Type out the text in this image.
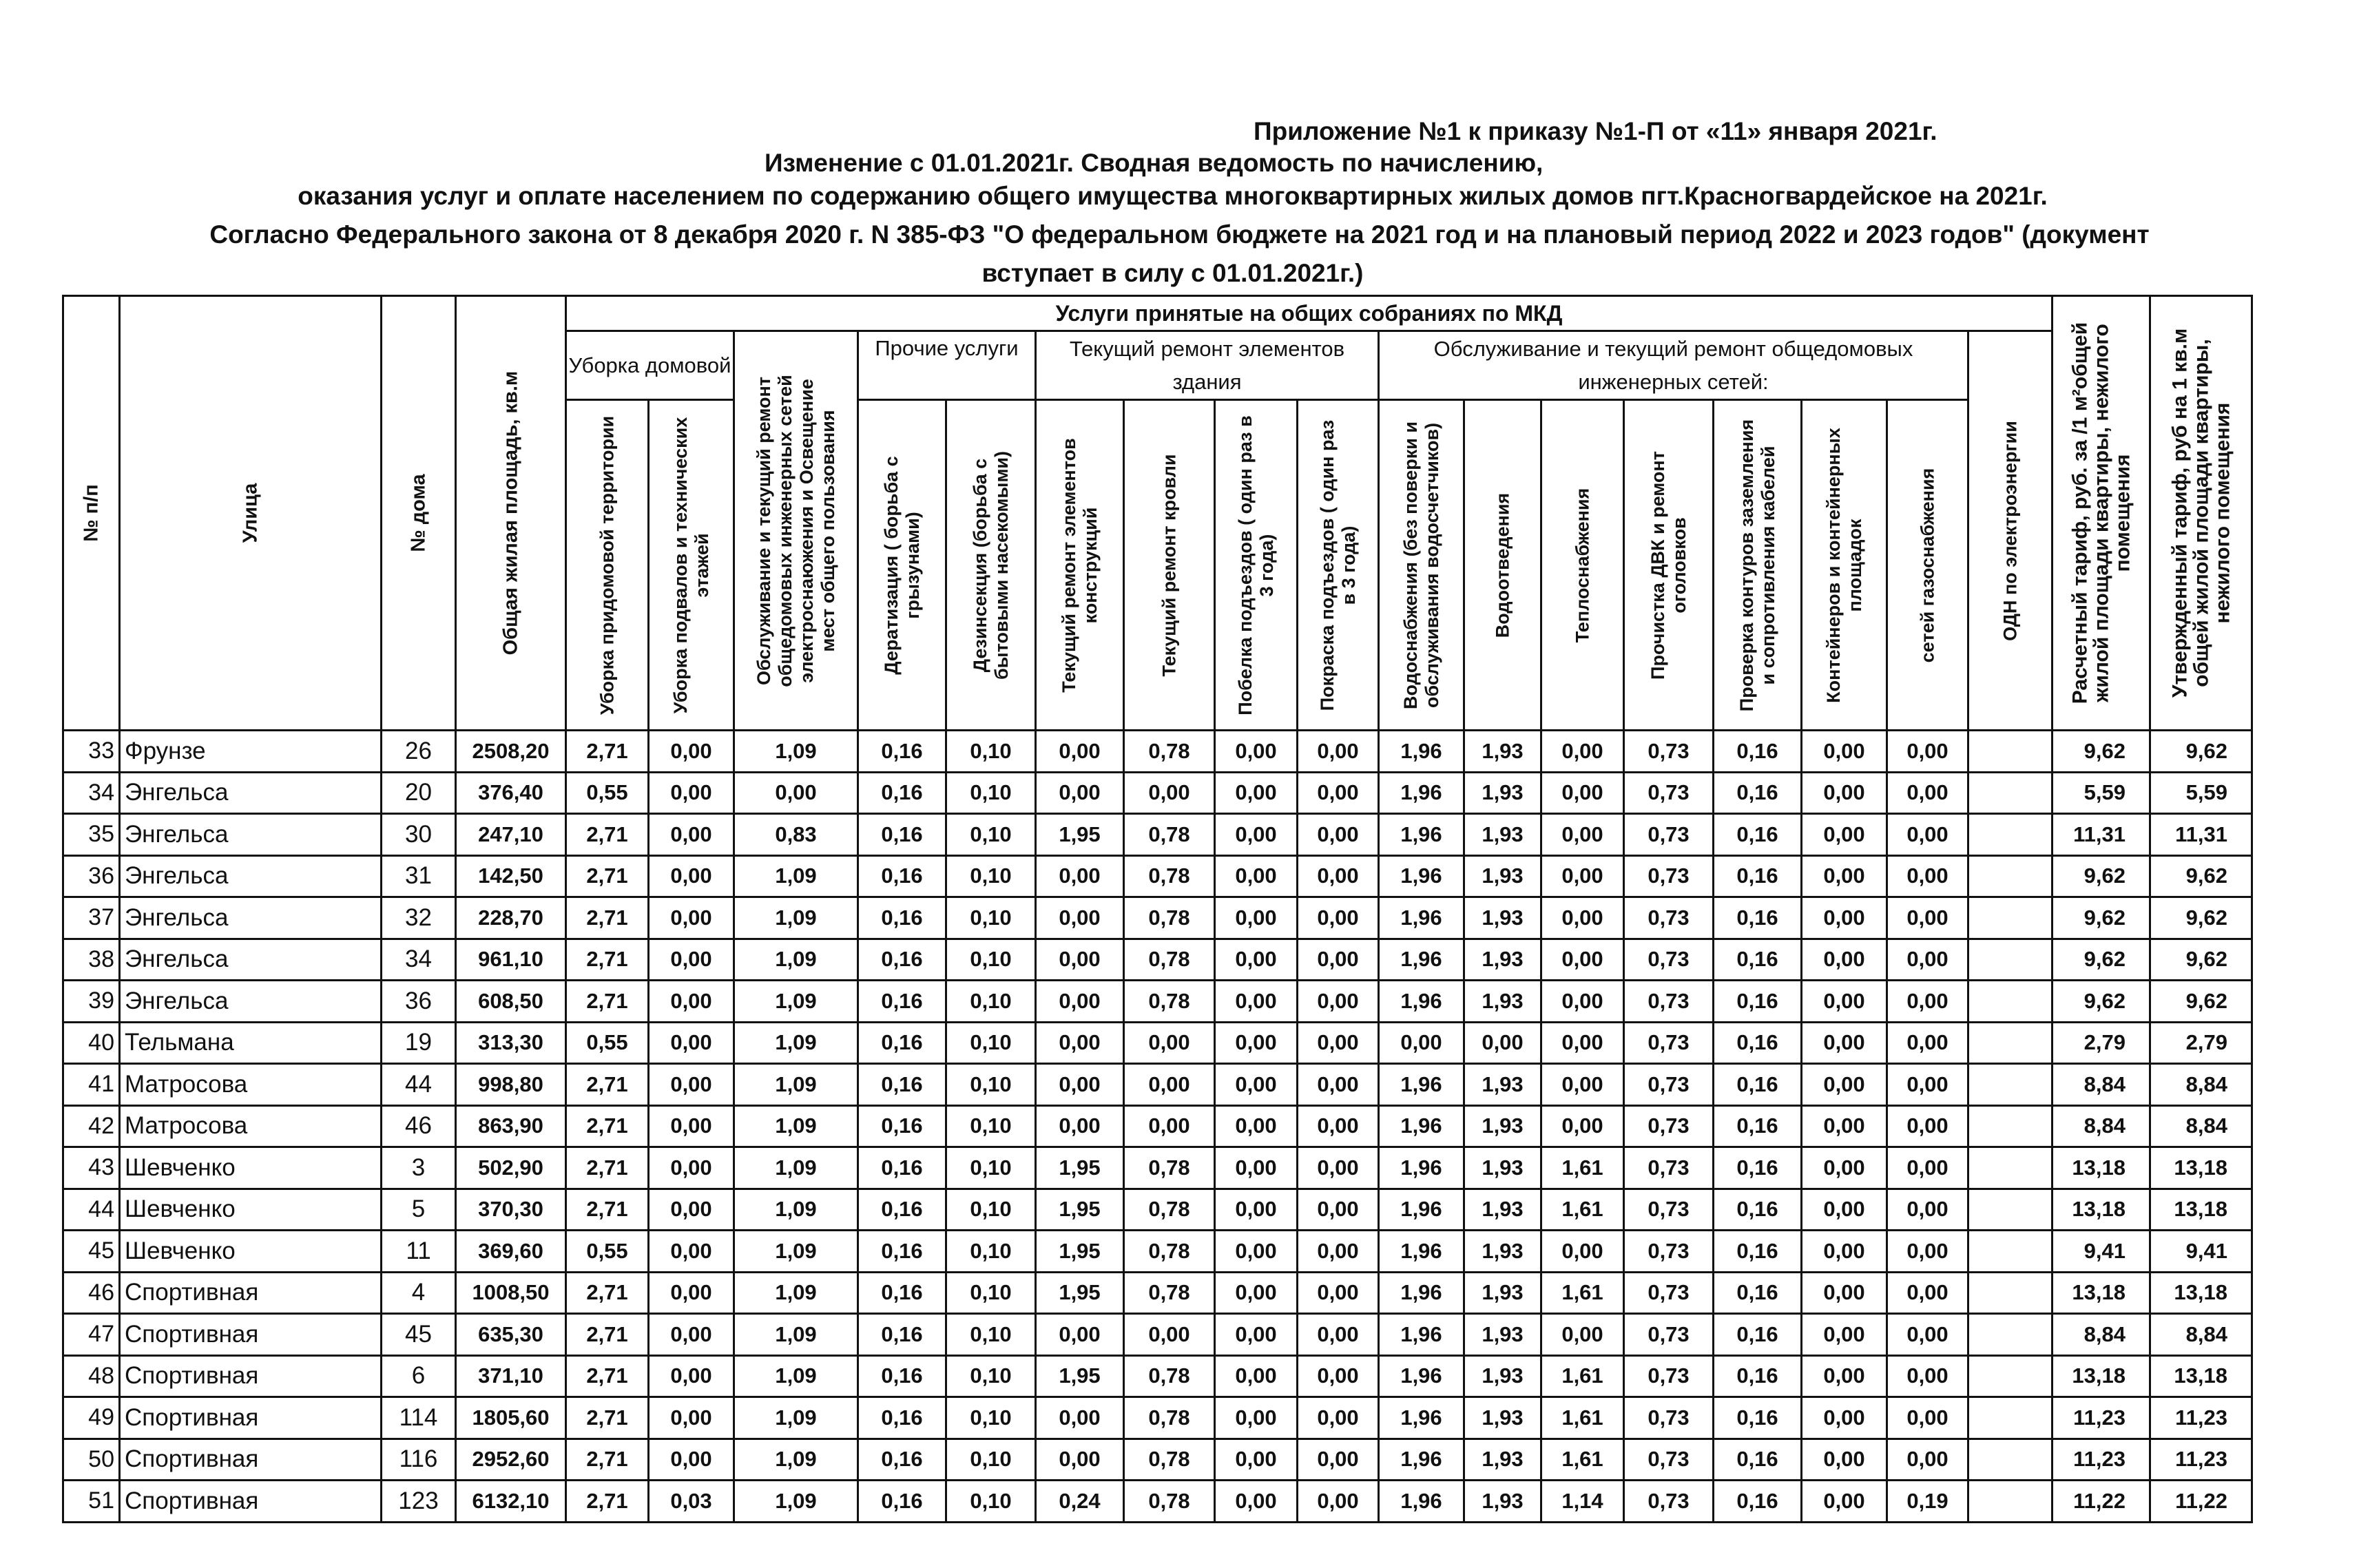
Приложение №1 к приказу №1-П от «11» января 2021г.
Изменение с 01.01.2021г. Сводная ведомость по начислению,
оказания услуг и оплате населением по содержанию общего имущества многоквартирных жилых домов пгт.Красногвардейское на 2021г.
Согласно Федерального закона от 8 декабря 2020 г. N 385-ФЗ "О федеральном бюджете на 2021 год и на плановый период 2022 и 2023 годов" (документ
вступает в силу с 01.01.2021г.)
№ п/п	Улица	№ дома	Общая жилая площадь, кв.м	Услуги принятые на общих собраниях по МКД																	Расчетный тариф, руб. за /1 м²общей жилой площади квартиры, нежилого помещения	Утвержденный тариф, руб на 1 кв.м общей жилой площади квартиры, нежилого помещения

				Уборка домовой		Обслуживание и текущий ремонт общедомовых инженерных сетей электроснаюжения и Освещение мест общего пользования	Прочие услуги		Текущий ремонт элементов здания				Обслуживание и текущий ремонт общедомовых инженерных сетей:							ОДН по электроэнергии		

				Уборка придомовой территории	Уборка подвалов и технических этажей		Дератизация ( борьба с грызунами)	Дезинсекция (борьба с бытовыми насекомыми)	Текущий ремонт элементов конструкций	Текущий ремонт кровли	Побелка подъездов ( один раз в 3 года)	Покраска подъездов ( один раз в 3 года)	Водоснабжения (без поверки и обслуживания водосчетчиков)	Водоотведения	Теплоснабжения	Прочистка ДВК и ремонт оголовков	Проверка контуров заземления и сопротивления кабелей	Контейнеров и контейнерных площадок	сетей газоснабжения			

33	Фрунзе	26	2508,20	2,71	0,00	1,09	0,16	0,10	0,00	0,78	0,00	0,00	1,96	1,93	0,00	0,73	0,16	0,00	0,00		9,62	9,62
34	Энгельса	20	376,40	0,55	0,00	0,00	0,16	0,10	0,00	0,00	0,00	0,00	1,96	1,93	0,00	0,73	0,16	0,00	0,00		5,59	5,59
35	Энгельса	30	247,10	2,71	0,00	0,83	0,16	0,10	1,95	0,78	0,00	0,00	1,96	1,93	0,00	0,73	0,16	0,00	0,00		11,31	11,31
36	Энгельса	31	142,50	2,71	0,00	1,09	0,16	0,10	0,00	0,78	0,00	0,00	1,96	1,93	0,00	0,73	0,16	0,00	0,00		9,62	9,62
37	Энгельса	32	228,70	2,71	0,00	1,09	0,16	0,10	0,00	0,78	0,00	0,00	1,96	1,93	0,00	0,73	0,16	0,00	0,00		9,62	9,62
38	Энгельса	34	961,10	2,71	0,00	1,09	0,16	0,10	0,00	0,78	0,00	0,00	1,96	1,93	0,00	0,73	0,16	0,00	0,00		9,62	9,62
39	Энгельса	36	608,50	2,71	0,00	1,09	0,16	0,10	0,00	0,78	0,00	0,00	1,96	1,93	0,00	0,73	0,16	0,00	0,00		9,62	9,62
40	Тельмана	19	313,30	0,55	0,00	1,09	0,16	0,10	0,00	0,00	0,00	0,00	0,00	0,00	0,00	0,73	0,16	0,00	0,00		2,79	2,79
41	Матросова	44	998,80	2,71	0,00	1,09	0,16	0,10	0,00	0,00	0,00	0,00	1,96	1,93	0,00	0,73	0,16	0,00	0,00		8,84	8,84
42	Матросова	46	863,90	2,71	0,00	1,09	0,16	0,10	0,00	0,00	0,00	0,00	1,96	1,93	0,00	0,73	0,16	0,00	0,00		8,84	8,84
43	Шевченко	3	502,90	2,71	0,00	1,09	0,16	0,10	1,95	0,78	0,00	0,00	1,96	1,93	1,61	0,73	0,16	0,00	0,00		13,18	13,18
44	Шевченко	5	370,30	2,71	0,00	1,09	0,16	0,10	1,95	0,78	0,00	0,00	1,96	1,93	1,61	0,73	0,16	0,00	0,00		13,18	13,18
45	Шевченко	11	369,60	0,55	0,00	1,09	0,16	0,10	1,95	0,78	0,00	0,00	1,96	1,93	0,00	0,73	0,16	0,00	0,00		9,41	9,41
46	Спортивная	4	1008,50	2,71	0,00	1,09	0,16	0,10	1,95	0,78	0,00	0,00	1,96	1,93	1,61	0,73	0,16	0,00	0,00		13,18	13,18
47	Спортивная	45	635,30	2,71	0,00	1,09	0,16	0,10	0,00	0,00	0,00	0,00	1,96	1,93	0,00	0,73	0,16	0,00	0,00		8,84	8,84
48	Спортивная	6	371,10	2,71	0,00	1,09	0,16	0,10	1,95	0,78	0,00	0,00	1,96	1,93	1,61	0,73	0,16	0,00	0,00		13,18	13,18
49	Спортивная	114	1805,60	2,71	0,00	1,09	0,16	0,10	0,00	0,78	0,00	0,00	1,96	1,93	1,61	0,73	0,16	0,00	0,00		11,23	11,23
50	Спортивная	116	2952,60	2,71	0,00	1,09	0,16	0,10	0,00	0,78	0,00	0,00	1,96	1,93	1,61	0,73	0,16	0,00	0,00		11,23	11,23
51	Спортивная	123	6132,10	2,71	0,03	1,09	0,16	0,10	0,24	0,78	0,00	0,00	1,96	1,93	1,14	0,73	0,16	0,00	0,19		11,22	11,22
